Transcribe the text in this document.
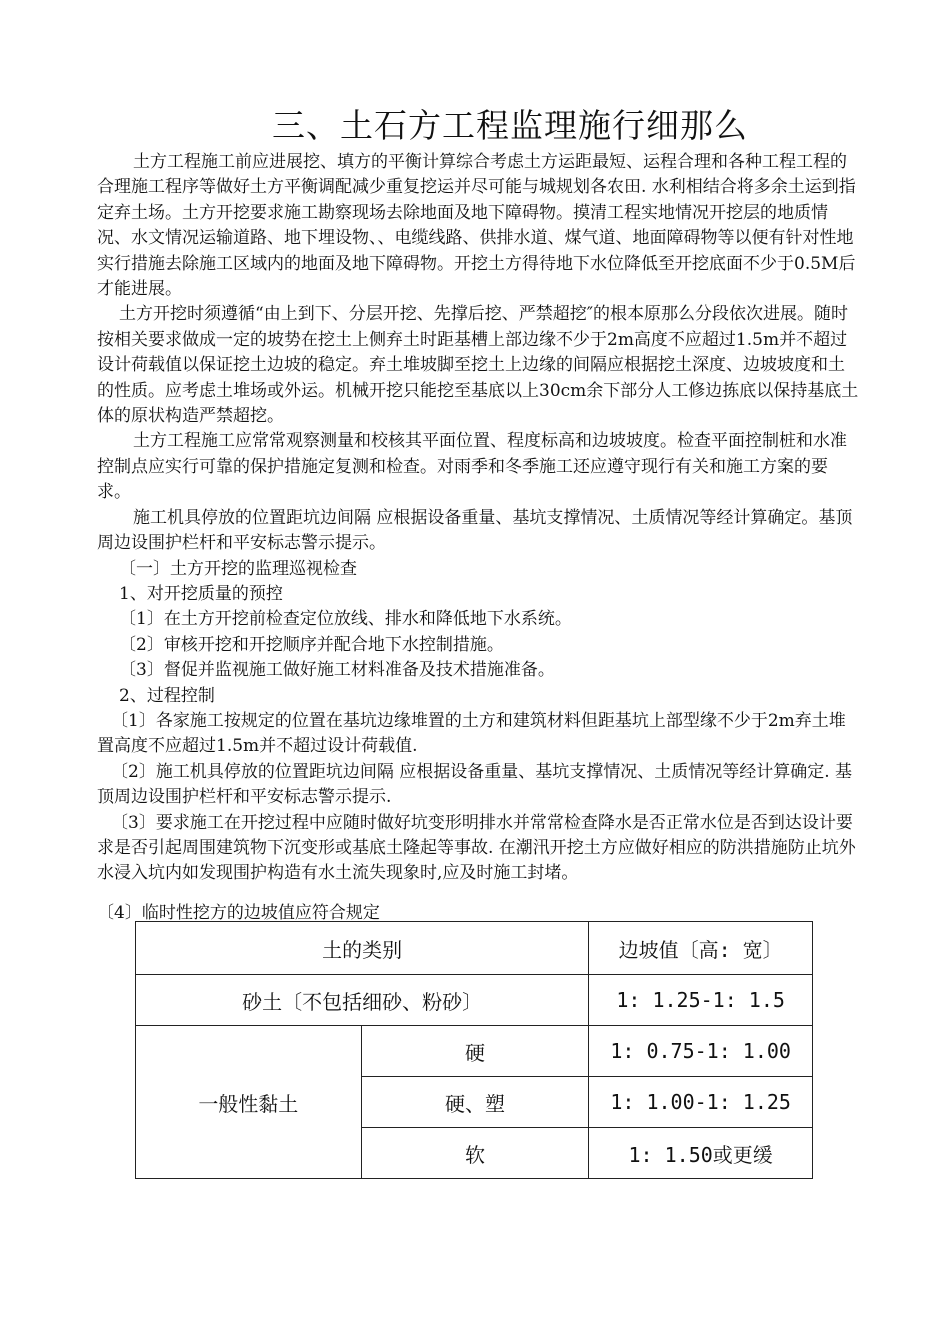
三、土石方工程监理施行细那么

土方工程施工前应进展挖、填方的平衡计算综合考虑土方运距最短、运程合理和各种工程工程的合理施工程序等做好土方平衡调配减少重复挖运并尽可能与城规划各农田. 水利相结合将多余土运到指定弃土场。土方开挖要求施工勘察现场去除地面及地下障碍物。摸清工程实地情况开挖层的地质情况、水文情况运输道路、地下埋设物、、电缆线路、供排水道、煤气道、地面障碍物等以便有针对性地实行措施去除施工区域内的地面及地下障碍物。开挖土方得待地下水位降低至开挖底面不少于0.5M后才能进展。

土方开挖时须遵循“由上到下、分层开挖、先撑后挖、严禁超挖″的根本原那么分段依次进展。随时按相关要求做成一定的坡势在挖土上侧弃土时距基槽上部边缘不少于2m高度不应超过1.5m并不超过设计荷载值以保证挖土边坡的稳定。弃土堆坡脚至挖土上边缘的间隔应根据挖土深度、边坡坡度和土的性质。应考虑土堆场或外运。机械开挖只能挖至基底以上30cm余下部分人工修边拣底以保持基底土体的原状构造严禁超挖。

土方工程施工应常常观察测量和校核其平面位置、程度标高和边坡坡度。检查平面控制桩和水准控制点应实行可靠的保护措施定复测和检查。对雨季和冬季施工还应遵守现行有关和施工方案的要求。

施工机具停放的位置距坑边间隔 应根据设备重量、基坑支撑情况、土质情况等经计算确定。基顶周边设围护栏杆和平安标志警示提示。

〔一〕土方开挖的监理巡视检查

1、对开挖质量的预控

〔1〕在土方开挖前检查定位放线、排水和降低地下水系统。

〔2〕审核开挖和开挖顺序并配合地下水控制措施。

〔3〕督促并监视施工做好施工材料准备及技术措施准备。

2、过程控制

〔1〕各家施工按规定的位置在基坑边缘堆置的土方和建筑材料但距基坑上部型缘不少于2m弃土堆置高度不应超过1.5m并不超过设计荷载值.

〔2〕施工机具停放的位置距坑边间隔 应根据设备重量、基坑支撑情况、土质情况等经计算确定. 基顶周边设围护栏杆和平安标志警示提示.

〔3〕要求施工在开挖过程中应随时做好坑变形明排水并常常检查降水是否正常水位是否到达设计要求是否引起周围建筑物下沉变形或基底土隆起等事故. 在潮汛开挖土方应做好相应的防洪措施防止坑外水浸入坑内如发现围护构造有水土流失现象时,应及时施工封堵。

〔4〕临时性挖方的边坡值应符合规定
土的类别		边坡值〔高: 宽〕
砂土〔不包括细砂、粉砂〕		1: 1.25-1: 1.5
一般性黏土	硬	1: 0.75-1: 1.00
	硬、塑	1: 1.00-1: 1.25
	软	1: 1.50或更缓
